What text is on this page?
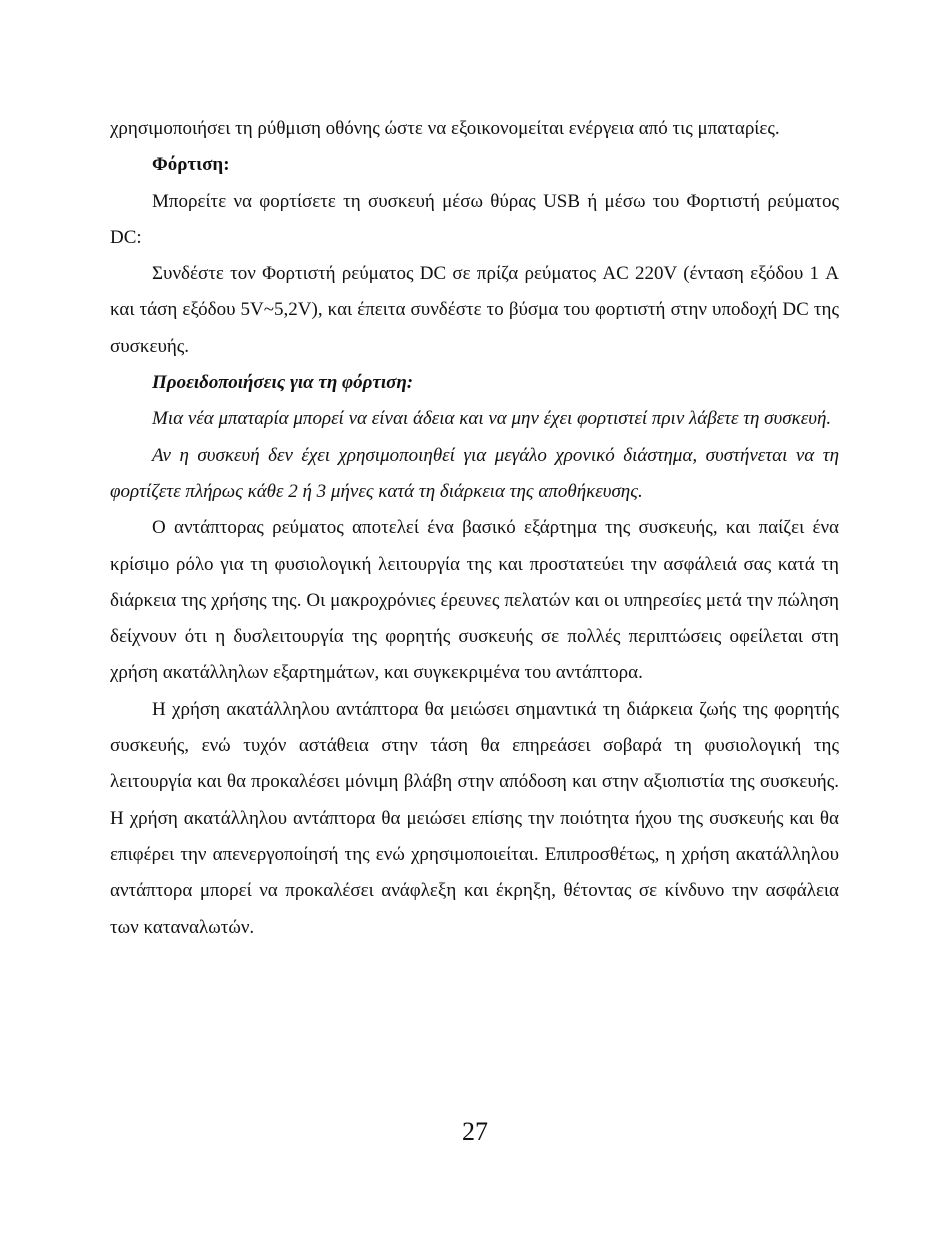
χρησιμοποιήσει τη ρύθμιση οθόνης ώστε να εξοικονομείται ενέργεια από τις μπαταρίες.

Φόρτιση:

Μπορείτε να φορτίσετε τη συσκευή μέσω θύρας USB ή μέσω του Φορτιστή ρεύματος DC:

Συνδέστε τον Φορτιστή ρεύματος DC σε πρίζα ρεύματος AC 220V (ένταση εξόδου 1 A και τάση εξόδου 5V~5,2V), και έπειτα συνδέστε το βύσμα του φορτιστή στην υποδοχή DC της συσκευής.

Προειδοποιήσεις για τη φόρτιση:

Μια νέα μπαταρία μπορεί να είναι άδεια και να μην έχει φορτιστεί πριν λάβετε τη συσκευή.

Αν η συσκευή δεν έχει χρησιμοποιηθεί για μεγάλο χρονικό διάστημα, συστήνεται να τη φορτίζετε πλήρως κάθε 2 ή 3 μήνες κατά τη διάρκεια της αποθήκευσης.

Ο αντάπτορας ρεύματος αποτελεί ένα βασικό εξάρτημα της συσκευής, και παίζει ένα κρίσιμο ρόλο για τη φυσιολογική λειτουργία της και προστατεύει την ασφάλειά σας κατά τη διάρκεια της χρήσης της. Οι μακροχρόνιες έρευνες πελατών και οι υπηρεσίες μετά την πώληση δείχνουν ότι η δυσλειτουργία της φορητής συσκευής σε πολλές περιπτώσεις οφείλεται στη χρήση ακατάλληλων εξαρτημάτων, και συγκεκριμένα του αντάπτορα.

Η χρήση ακατάλληλου αντάπτορα θα μειώσει σημαντικά τη διάρκεια ζωής της φορητής συσκευής, ενώ τυχόν αστάθεια στην τάση θα επηρεάσει σοβαρά τη φυσιολογική της λειτουργία και θα προκαλέσει μόνιμη βλάβη στην απόδοση και στην αξιοπιστία της συσκευής. Η χρήση ακατάλληλου αντάπτορα θα μειώσει επίσης την ποιότητα ήχου της συσκευής και θα επιφέρει την απενεργοποίησή της ενώ χρησιμοποιείται. Επιπροσθέτως, η χρήση ακατάλληλου αντάπτορα μπορεί να προκαλέσει ανάφλεξη και έκρηξη, θέτοντας σε κίνδυνο την ασφάλεια των καταναλωτών.

27
